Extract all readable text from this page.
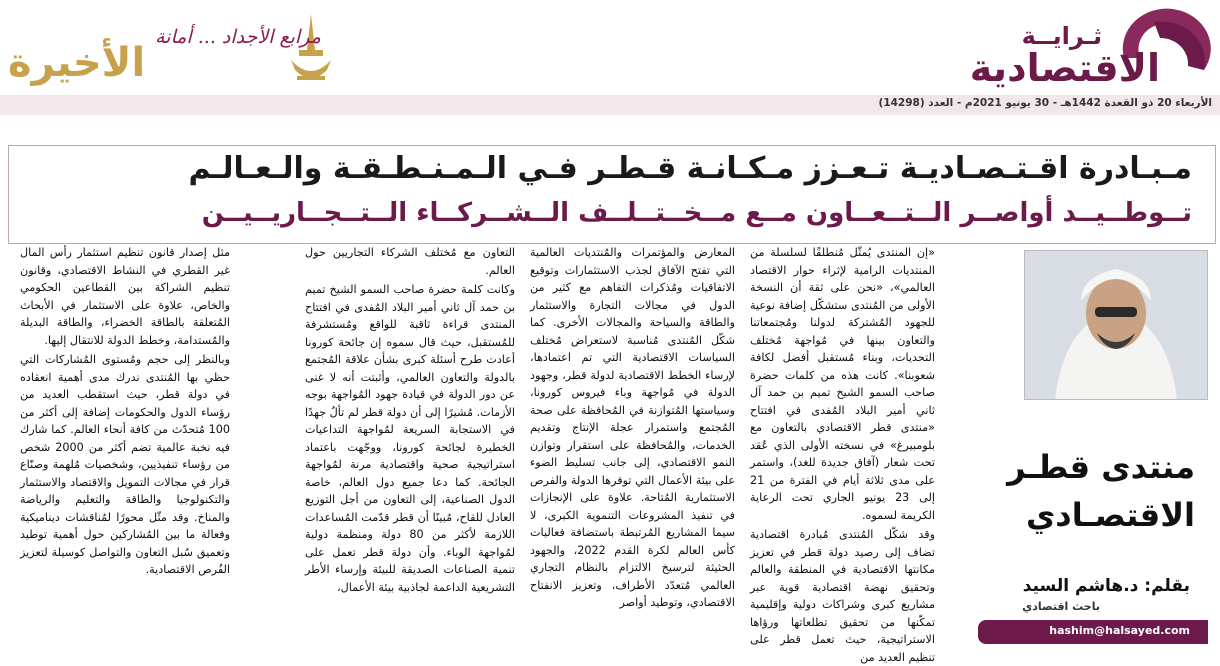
ثـرايــة
الاقتصادية
مرابع الأجداد ... أمانة
الأخيرة
الأربعاء 20 ذو القعدة 1442هـ - 30 يونيو 2021م - العدد (14298)
مـبـادرة اقـتـصـاديـة تـعـزز مـكـانـة قـطـر فـي الـمـنـطـقـة والـعـالـم
تــوطــيــد أواصــر الــتــعــاون مــع مــخــتــلــف الــشــركــاء الــتــجــاريــيــن

«إن المنتدى يُمثّل مُنطلقًا لسلسلة من المنتديات الرامية لإثراء حوار الاقتصاد العالمي»، «نحن على ثقة أن النسخة الأولى من المُنتدى ستشكّل إضافة نوعية للجهود المُشتركة لدولنا ومُجتمعاتنا والتعاون بينها في مُواجهة مُختلف التحديات، وبناء مُستقبل أفضل لكافة شعوبنا». كانت هذه من كلمات حضرة صاحب السمو الشيخ تميم بن حمد آل ثاني أمير البلاد المُفدى في افتتاح «منتدى قطر الاقتصادي بالتعاون مع بلومبيرغ» في نسخته الأولى الذي عُقد تحت شعار (آفاق جديدة للغد)، واستمر على مدى ثلاثة أيام في الفترة من 21 إلى 23 يونيو الجاري تحت الرعاية الكريمة لسموه.

وقد شكّل المُنتدى مُبادرة اقتصادية تضاف إلى رصيد دولة قطر في تعزيز مكانتها الاقتصادية في المنطقة والعالم وتحقيق نهضة اقتصادية قوية عبر مشاريع كبرى وشراكات دولية وإقليمية تمكّنها من تحقيق تطلعاتها ورؤاها الاستراتيجية، حيث تعمل قطر على تنظيم العديد من

المعارض والمؤتمرات والمُنتديات العالمية التي تفتح الآفاق لجذب الاستثمارات وتوقيع الاتفاقيات ومُذكرات التفاهم مع كثير من الدول في مجالات التجارة والاستثمار والطاقة والسياحة والمجالات الأخرى. كما شكّل المُنتدى مُناسبة لاستعراض مُختلف السياسات الاقتصادية التي تم اعتمادها، لإرساء الخطط الاقتصادية لدولة قطر، وجهود الدولة في مُواجهة وباء فيروس كورونا، وسياستها المُتوازنة في المُحافظة على صحة المُجتمع واستمرار عجلة الإنتاج وتقديم الخدمات، والمُحافظة على استقرار وتوازن النمو الاقتصادي، إلى جانب تسليط الضوء على بيئة الأعمال التي توفرها الدولة والفرص الاستثمارية المُتاحة. علاوة على الإنجازات في تنفيذ المشروعات التنموية الكبرى، لا سيما المشاريع المُرتبطة باستضافة فعاليات كأس العالم لكرة القدم 2022، والجهود الحثيثة لترسيخ الالتزام بالنظام التجاري العالمي مُتعدّد الأطراف، وتعزيز الانفتاح الاقتصادي، وتوطيد أواصر

التعاون مع مُختلف الشركاء التجاريين حول العالم.

وكانت كلمة حضرة صاحب السمو الشيخ تميم بن حمد آل ثاني أمير البلاد المُفدى في افتتاح المنتدى قراءة ثاقبة للواقع ومُستشرفة للمُستقبل، حيث قال سموه إن جائحة كورونا أعادت طرح أسئلة كبرى بشأن علاقة المُجتمع بالدولة والتعاون العالمي، وأثبتت أنه لا غنى عن دور الدولة في قيادة جهود المُواجهة بوجه الأزمات. مُشيرًا إلى أن دولة قطر لم تألُ جهدًا في الاستجابة السريعة لمُواجهة التداعيات الخطيرة لجائحة كورونا، ووجّهت باعتماد استراتيجية صحية واقتصادية مرنة لمُواجهة الجائحة. كما دعا جميع دول العالم، خاصة الدول الصناعية، إلى التعاون من أجل التوزيع العادل للقاح، مُبينًا أن قطر قدّمت المُساعدات اللازمة لأكثر من 80 دولة ومنظمة دولية لمُواجهة الوباء. وأن دولة قطر تعمل على تنمية الصناعات الصديقة للبيئة وإرساء الأطر التشريعية الداعمة لجاذبية بيئة الأعمال،

مثل إصدار قانون تنظيم استثمار رأس المال غير القطري في النشاط الاقتصادي، وقانون تنظيم الشراكة بين القطاعين الحكومي والخاص، علاوة على الاستثمار في الأبحاث المُتعلقة بالطاقة الخضراء، والطاقة البديلة والمُستدامة، وخطط الدولة للانتقال إليها.

وبالنظر إلى حجم ومُستوى المُشاركات التي حظي بها المُنتدى ندرك مدى أهمية انعقاده في دولة قطر، حيث استقطب العديد من رؤساء الدول والحكومات إضافة إلى أكثر من 100 مُتحدّث من كافة أنحاء العالم. كما شارك فيه نخبة عالمية تضم أكثر من 2000 شخص من رؤساء تنفيذيين، وشخصيات مُلهمة وصنّاع قرار في مجالات التمويل والاقتصاد والاستثمار والتكنولوجيا والطاقة والتعليم والرياضة والمناخ. وقد مثّل محورًا لمُناقشات ديناميكية وفعالة ما بين المُشاركين حول أهمية توطيد وتعميق سُبل التعاون والتواصل كوسيلة لتعزيز الفُرص الاقتصادية.

منتدى قطـر
الاقتصـادي
بقلم: د.هاشم السيد
باحث اقتصادي
hashim@halsayed.com
